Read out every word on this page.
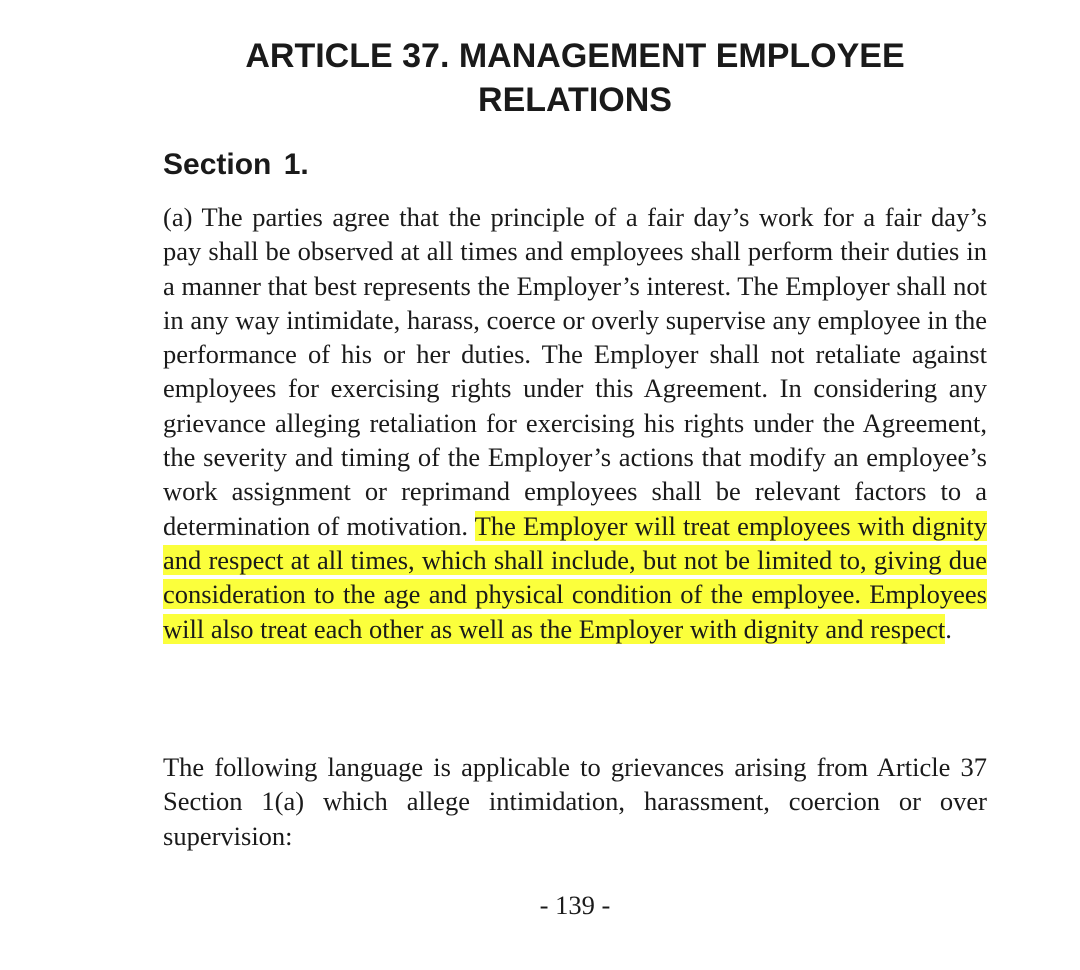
ARTICLE 37. MANAGEMENT EMPLOYEE
RELATIONS
Section 1.

(a) The parties agree that the principle of a fair day’s work for a fair day’s pay shall be observed at all times and employees shall perform their duties in a manner that best represents the Employer’s interest. The Employer shall not in any way intimidate, harass, coerce or overly supervise any employee in the performance of his or her duties. The Employer shall not retaliate against employees for exercising rights under this Agreement. In considering any grievance alleging retaliation for exercising his rights under the Agreement, the severity and timing of the Employer’s actions that modify an employee’s work assignment or reprimand employees shall be relevant factors to a determination of motivation. The Employer will treat employees with dignity and respect at all times, which shall include, but not be limited to, giving due consideration to the age and physical condition of the employee. Employees will also treat each other as well as the Employer with dignity and respect.

The following language is applicable to grievances arising from Article 37 Section 1(a) which allege intimidation, harassment, coercion or over supervision:

- 139 -
